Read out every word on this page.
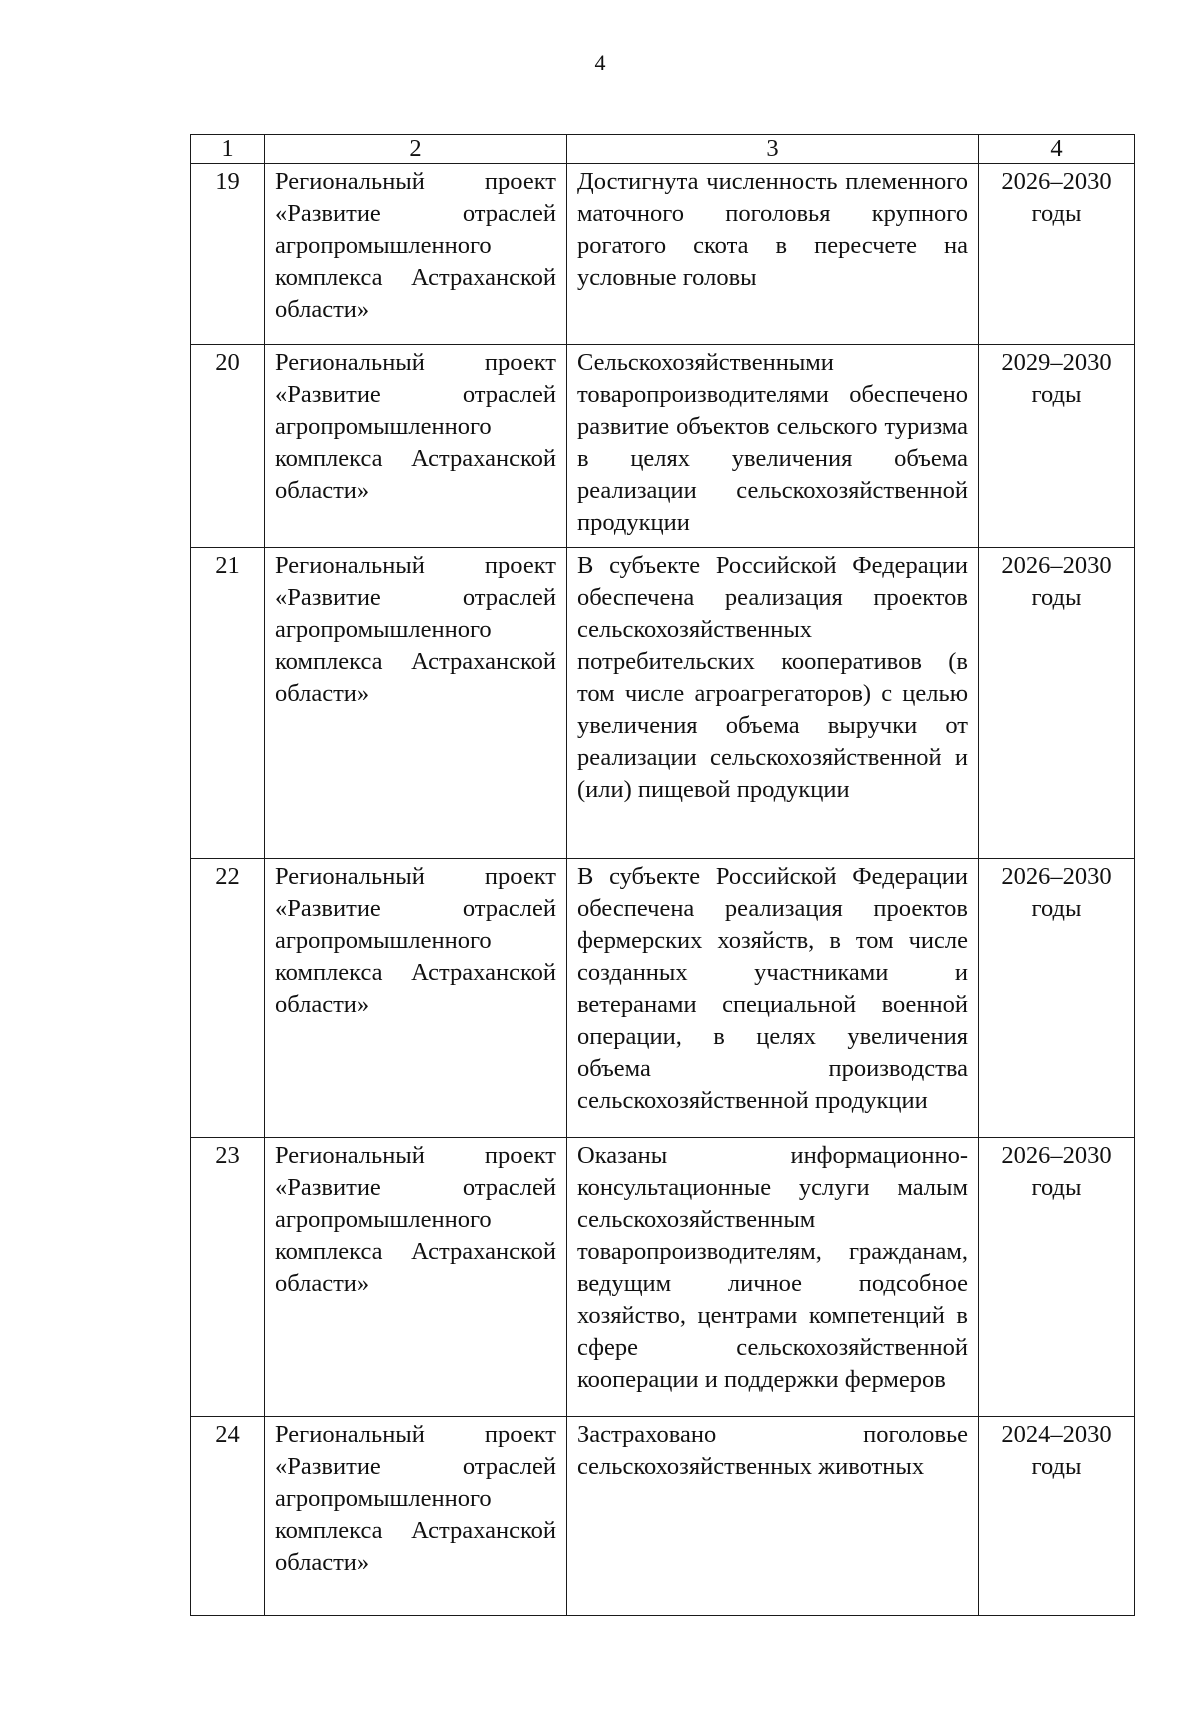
4
1	2	3	4
19	Региональный проект «Развитие отраслей агропромышленного комплекса Астраханской области»	Достигнута численность племенного маточного поголовья крупного рогатого скота в пересчете на условные головы	2026–2030
годы

20	Региональный проект «Развитие отраслей агропромышленного комплекса Астраханской области»	Сельскохозяйственными товаропроизводителями обеспечено развитие объектов сельского туризма в целях увеличения объема реализации сельскохозяйственной продукции	2029–2030
годы

21	Региональный проект «Развитие отраслей агропромышленного комплекса Астраханской области»	В субъекте Российской Федерации обеспечена реализация проектов сельскохозяйственных потребительских кооперативов (в том числе агроагрегаторов) с целью увеличения объема выручки от реализации сельскохозяйственной и (или) пищевой продукции	2026–2030
годы

22	Региональный проект «Развитие отраслей агропромышленного комплекса Астраханской области»	В субъекте Российской Федерации обеспечена реализация проектов фермерских хозяйств, в том числе созданных участниками и ветеранами специальной военной операции, в целях увеличения объема производства сельскохозяйственной продукции	2026–2030
годы

23	Региональный проект «Развитие отраслей агропромышленного комплекса Астраханской области»	Оказаны информационно-консультационные услуги малым сельскохозяйственным товаропроизводителям, гражданам, ведущим личное подсобное хозяйство, центрами компетенций в сфере сельскохозяйственной кооперации и поддержки фермеров	2026–2030
годы

24	Региональный проект «Развитие отраслей агропромышленного комплекса Астраханской области»	Застраховано поголовье сельскохозяйственных животных	2024–2030
годы
